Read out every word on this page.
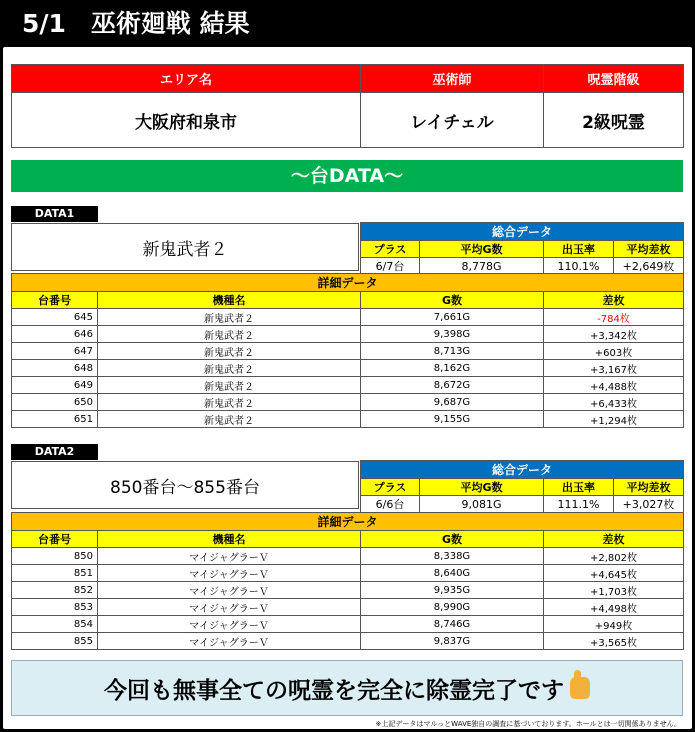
5/1　巫術廻戦 結果
エリア名	巫術師	呪霊階級
大阪府和泉市	レイチェル	2級呪霊
～台DATA～
DATA1
新鬼武者２
総合データ			
プラス	平均G数	出玉率	平均差枚
6/7台	8,778G	110.1%	+2,649枚
詳細データ			
台番号	機種名	G数	差枚
645	新鬼武者２	7,661G	-784枚
646	新鬼武者２	9,398G	+3,342枚
647	新鬼武者２	8,713G	+603枚
648	新鬼武者２	8,162G	+3,167枚
649	新鬼武者２	8,672G	+4,488枚
650	新鬼武者２	9,687G	+6,433枚
651	新鬼武者２	9,155G	+1,294枚
DATA2
850番台～855番台
総合データ			
プラス	平均G数	出玉率	平均差枚
6/6台	9,081G	111.1%	+3,027枚
詳細データ			
台番号	機種名	G数	差枚
850	マイジャグラーＶ	8,338G	+2,802枚
851	マイジャグラーＶ	8,640G	+4,645枚
852	マイジャグラーＶ	9,935G	+1,703枚
853	マイジャグラーＶ	8,990G	+4,498枚
854	マイジャグラーＶ	8,746G	+949枚
855	マイジャグラーＶ	9,837G	+3,565枚
今回も無事全ての呪霊を完全に除霊完了です
※上記データはマルっとWAVE独自の調査に基づいております。ホールとは一切関係ありません。
